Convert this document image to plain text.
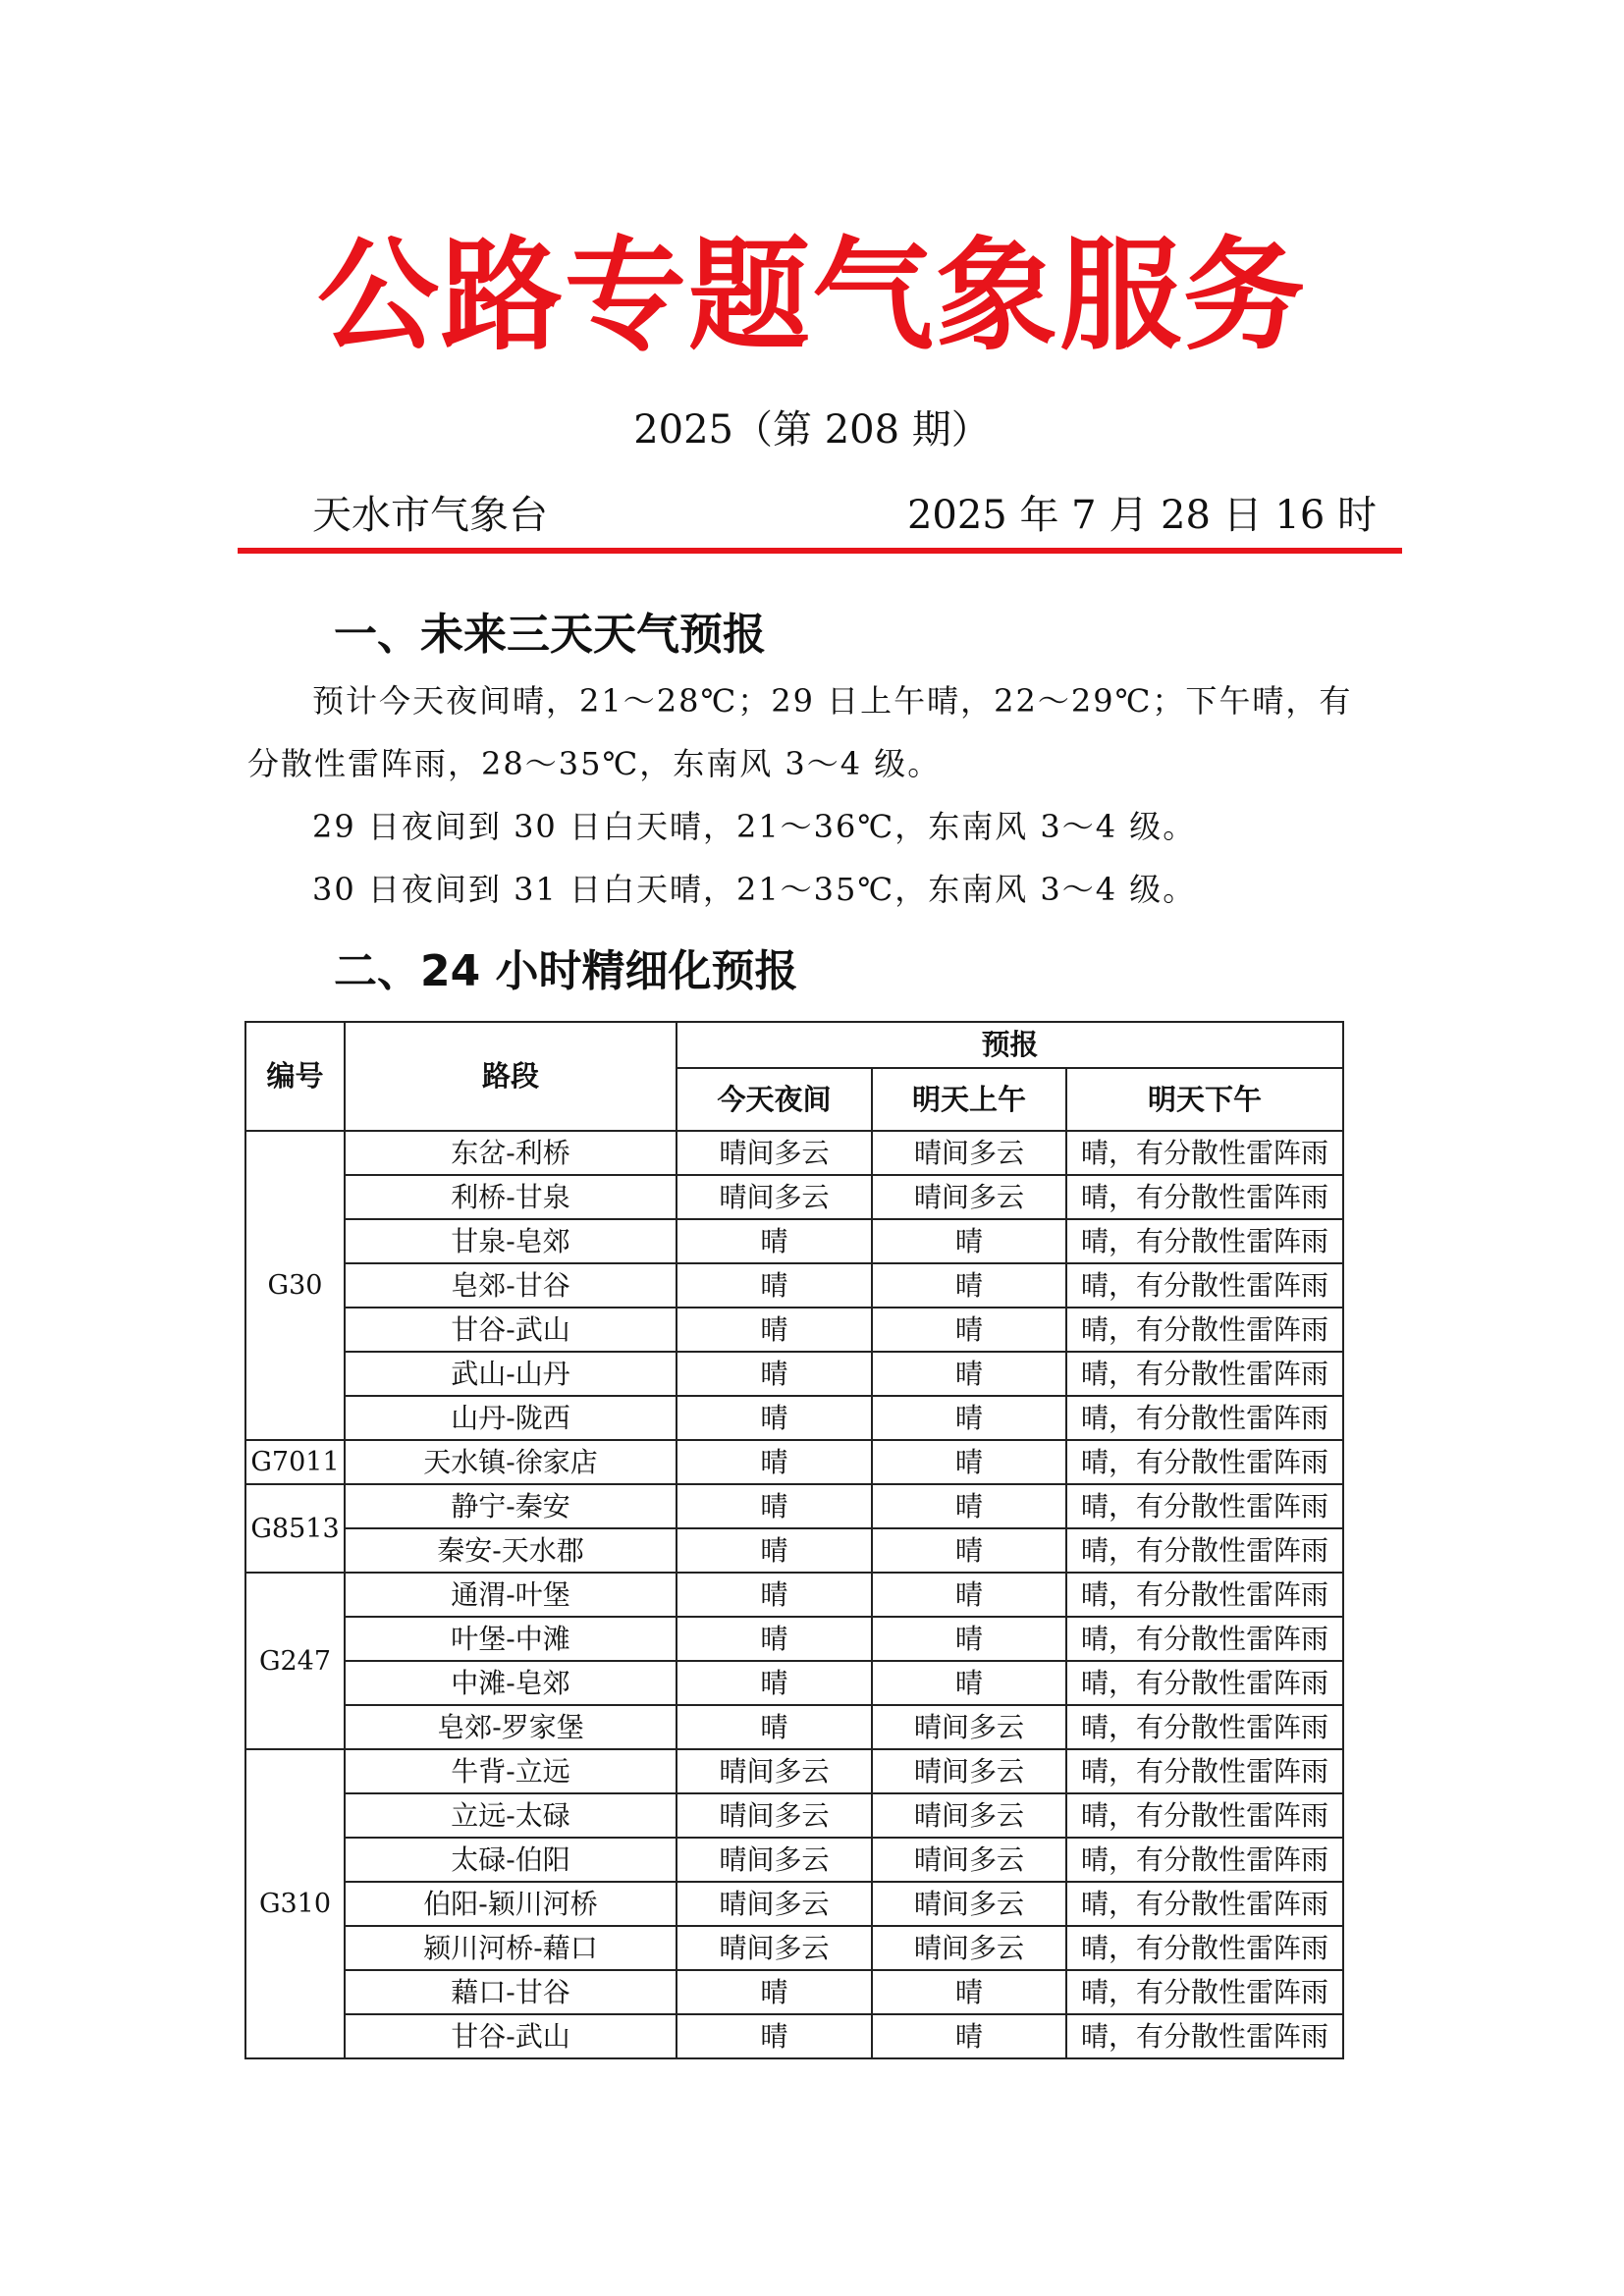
公路专题气象服务
2025（第 208 期）
天水市气象台	2025 年 7 月 28 日 16 时
一、未来三天天气预报

预计今天夜间晴，21～28℃；29 日上午晴，22～29℃；下午晴，有分散性雷阵雨，28～35℃，东南风 3～4 级。

29 日夜间到 30 日白天晴，21～36℃，东南风 3～4 级。

30 日夜间到 31 日白天晴，21～35℃，东南风 3～4 级。

二、24 小时精细化预报
编号	路段	预报		
		今天夜间	明天上午	明天下午
G30	东岔-利桥	晴间多云	晴间多云	晴，有分散性雷阵雨
	利桥-甘泉	晴间多云	晴间多云	晴，有分散性雷阵雨
	甘泉-皂郊	晴	晴	晴，有分散性雷阵雨
	皂郊-甘谷	晴	晴	晴，有分散性雷阵雨
	甘谷-武山	晴	晴	晴，有分散性雷阵雨
	武山-山丹	晴	晴	晴，有分散性雷阵雨
	山丹-陇西	晴	晴	晴，有分散性雷阵雨
G7011	天水镇-徐家店	晴	晴	晴，有分散性雷阵雨
G8513	静宁-秦安	晴	晴	晴，有分散性雷阵雨
	秦安-天水郡	晴	晴	晴，有分散性雷阵雨
G247	通渭-叶堡	晴	晴	晴，有分散性雷阵雨
	叶堡-中滩	晴	晴	晴，有分散性雷阵雨
	中滩-皂郊	晴	晴	晴，有分散性雷阵雨
	皂郊-罗家堡	晴	晴间多云	晴，有分散性雷阵雨
G310	牛背-立远	晴间多云	晴间多云	晴，有分散性雷阵雨
	立远-太碌	晴间多云	晴间多云	晴，有分散性雷阵雨
	太碌-伯阳	晴间多云	晴间多云	晴，有分散性雷阵雨
	伯阳-颖川河桥	晴间多云	晴间多云	晴，有分散性雷阵雨
	颍川河桥-藉口	晴间多云	晴间多云	晴，有分散性雷阵雨
	藉口-甘谷	晴	晴	晴，有分散性雷阵雨
	甘谷-武山	晴	晴	晴，有分散性雷阵雨
